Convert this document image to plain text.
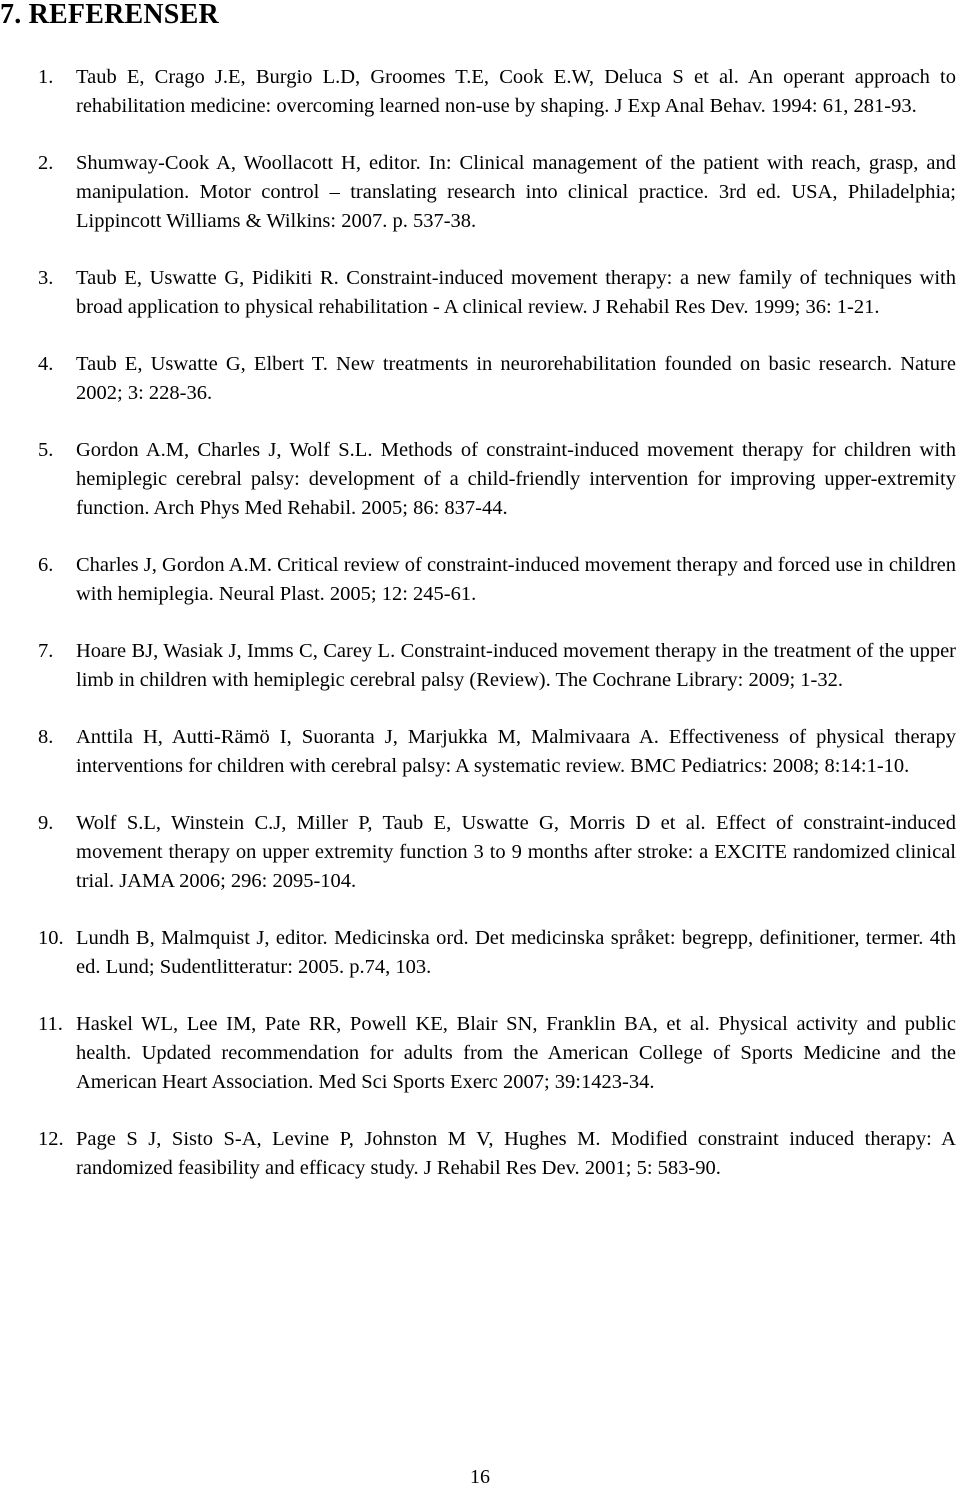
7. REFERENSER
1. Taub E, Crago J.E, Burgio L.D, Groomes T.E, Cook E.W, Deluca S et al. An operant approach to rehabilitation medicine: overcoming learned non-use by shaping. J Exp Anal Behav. 1994: 61, 281-93.
2. Shumway-Cook A, Woollacott H, editor. In: Clinical management of the patient with reach, grasp, and manipulation. Motor control – translating research into clinical practice. 3rd ed. USA, Philadelphia; Lippincott Williams & Wilkins: 2007. p. 537-38.
3. Taub E, Uswatte G, Pidikiti R. Constraint-induced movement therapy: a new family of techniques with broad application to physical rehabilitation - A clinical review. J Rehabil Res Dev. 1999; 36: 1-21.
4. Taub E, Uswatte G, Elbert T. New treatments in neurorehabilitation founded on basic research. Nature 2002; 3: 228-36.
5. Gordon A.M, Charles J, Wolf S.L. Methods of constraint-induced movement therapy for children with hemiplegic cerebral palsy: development of a child-friendly intervention for improving upper-extremity function. Arch Phys Med Rehabil. 2005; 86: 837-44.
6. Charles J, Gordon A.M. Critical review of constraint-induced movement therapy and forced use in children with hemiplegia. Neural Plast. 2005; 12: 245-61.
7. Hoare BJ, Wasiak J, Imms C, Carey L. Constraint-induced movement therapy in the treatment of the upper limb in children with hemiplegic cerebral palsy (Review). The Cochrane Library: 2009; 1-32.
8. Anttila H, Autti-Rämö I, Suoranta J, Marjukka M, Malmivaara A. Effectiveness of physical therapy interventions for children with cerebral palsy: A systematic review. BMC Pediatrics: 2008; 8:14:1-10.
9. Wolf S.L, Winstein C.J, Miller P, Taub E, Uswatte G, Morris D et al. Effect of constraint-induced movement therapy on upper extremity function 3 to 9 months after stroke: a EXCITE randomized clinical trial. JAMA 2006; 296: 2095-104.
10. Lundh B, Malmquist J, editor. Medicinska ord. Det medicinska språket: begrepp, definitioner, termer. 4th ed. Lund; Sudentlitteratur: 2005. p.74, 103.
11. Haskel WL, Lee IM, Pate RR, Powell KE, Blair SN, Franklin BA, et al. Physical activity and public health. Updated recommendation for adults from the American College of Sports Medicine and the American Heart Association. Med Sci Sports Exerc 2007; 39:1423-34.
12. Page S J, Sisto S-A, Levine P, Johnston M V, Hughes M. Modified constraint induced therapy: A randomized feasibility and efficacy study. J Rehabil Res Dev. 2001; 5: 583-90.
16
